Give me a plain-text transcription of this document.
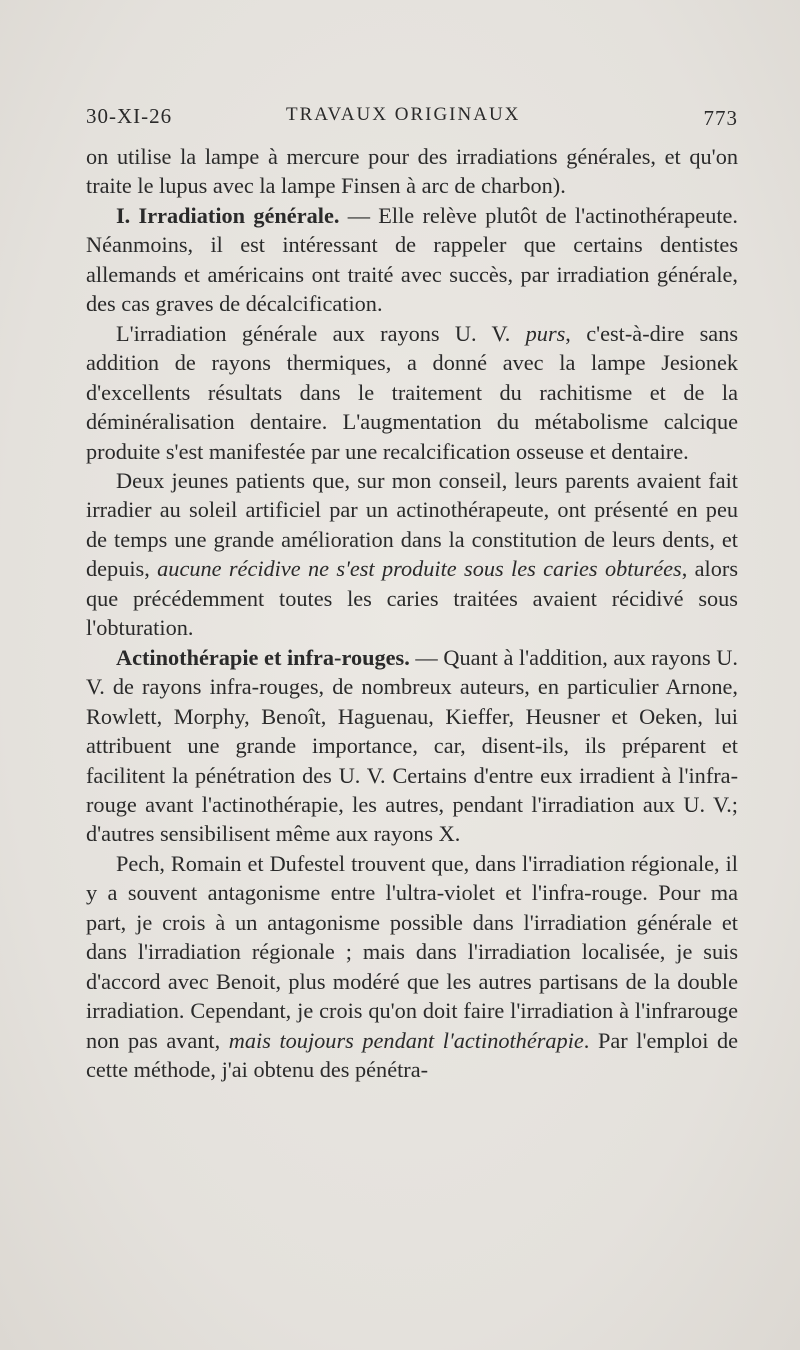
30-XI-26	TRAVAUX ORIGINAUX	773

on utilise la lampe à mercure pour des irradiations générales, et qu'on traite le lupus avec la lampe Finsen à arc de charbon).

I. Irradiation générale. — Elle relève plutôt de l'actinothérapeute. Néanmoins, il est intéressant de rappeler que certains dentistes allemands et américains ont traité avec succès, par irradiation générale, des cas graves de décalcification.

L'irradiation générale aux rayons U. V. purs, c'est-à-dire sans addition de rayons thermiques, a donné avec la lampe Jesionek d'excellents résultats dans le traitement du rachitisme et de la déminéralisation dentaire. L'augmentation du métabolisme calcique produite s'est manifestée par une recalcification osseuse et dentaire.

Deux jeunes patients que, sur mon conseil, leurs parents avaient fait irradier au soleil artificiel par un actinothérapeute, ont présenté en peu de temps une grande amélioration dans la constitution de leurs dents, et depuis, aucune récidive ne s'est produite sous les caries obturées, alors que précédemment toutes les caries traitées avaient récidivé sous l'obturation.

Actinothérapie et infra-rouges. — Quant à l'addition, aux rayons U. V. de rayons infra-rouges, de nombreux auteurs, en particulier Arnone, Rowlett, Morphy, Benoît, Haguenau, Kieffer, Heusner et Oeken, lui attribuent une grande importance, car, disent-ils, ils préparent et facilitent la pénétration des U. V. Certains d'entre eux irradient à l'infra-rouge avant l'actinothérapie, les autres, pendant l'irradiation aux U. V.; d'autres sensibilisent même aux rayons X.

Pech, Romain et Dufestel trouvent que, dans l'irradiation régionale, il y a souvent antagonisme entre l'ultra-violet et l'infra-rouge. Pour ma part, je crois à un antagonisme possible dans l'irradiation générale et dans l'irradiation régionale ; mais dans l'irradiation localisée, je suis d'accord avec Benoit, plus modéré que les autres partisans de la double irradiation. Cependant, je crois qu'on doit faire l'irradiation à l'infrarouge non pas avant, mais toujours pendant l'actinothérapie. Par l'emploi de cette méthode, j'ai obtenu des pénétra-
